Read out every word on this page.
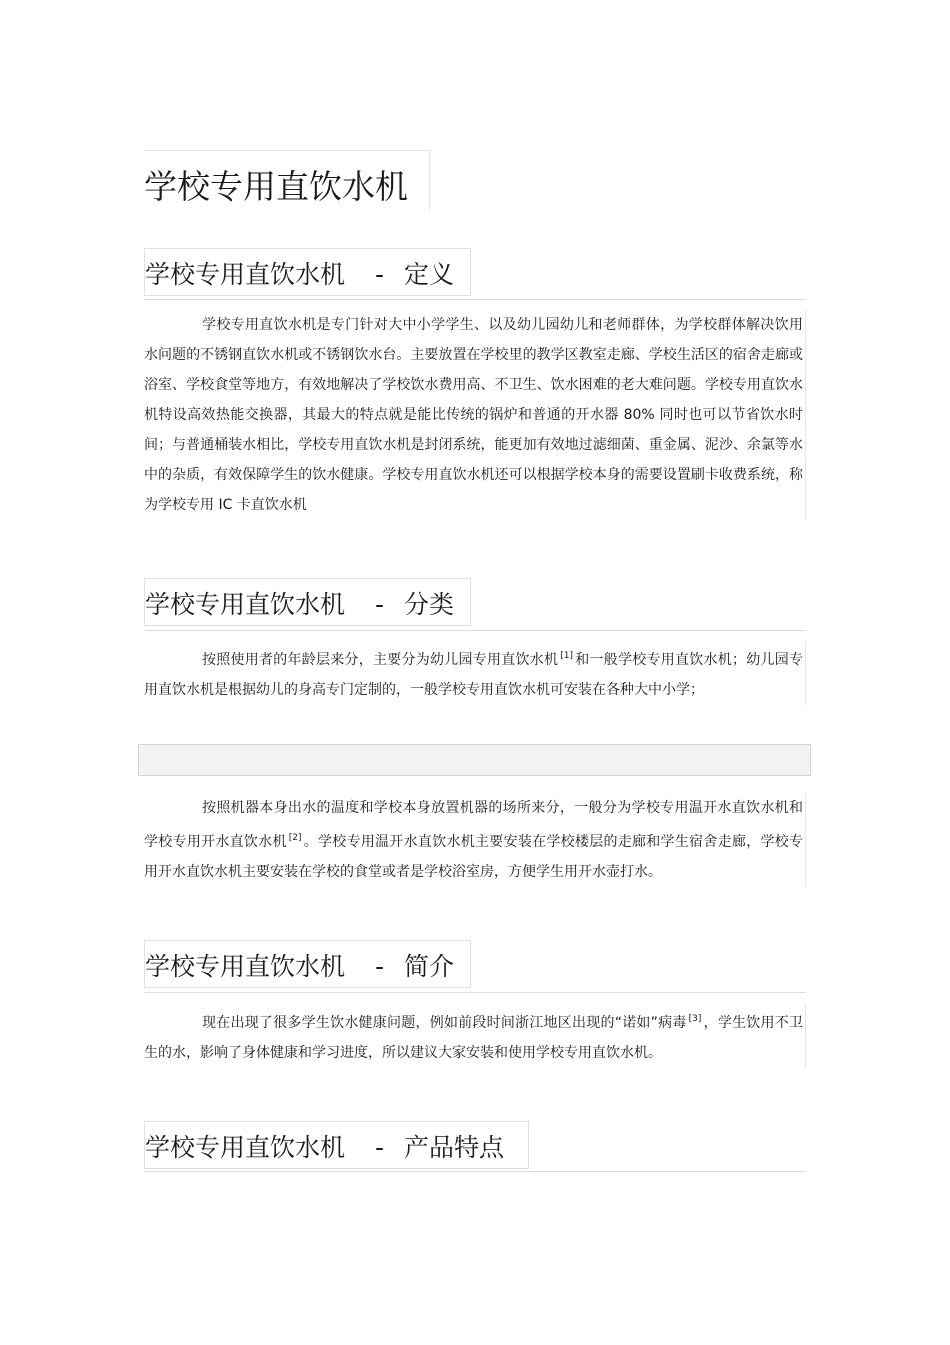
学校专用直饮水机
学校专用直饮水机 - 定义

学校专用直饮水机是专门针对大中小学学生、以及幼儿园幼儿和老师群体，为学校群体解决饮用水问题的不锈钢直饮水机或不锈钢饮水台。主要放置在学校里的教学区教室走廊、学校生活区的宿舍走廊或浴室、学校食堂等地方，有效地解决了学校饮水费用高、不卫生、饮水困难的老大难问题。学校专用直饮水机特设高效热能交换器，其最大的特点就是能比传统的锅炉和普通的开水器 80% 同时也可以节省饮水时间；与普通桶装水相比，学校专用直饮水机是封闭系统，能更加有效地过滤细菌、重金属、泥沙、余氯等水中的杂质，有效保障学生的饮水健康。学校专用直饮水机还可以根据学校本身的需要设置刷卡收费系统，称为学校专用 IC 卡直饮水机

学校专用直饮水机 - 分类

按照使用者的年龄层来分，主要分为幼儿园专用直饮水机 [1] 和一般学校专用直饮水机；幼儿园专用直饮水机是根据幼儿的身高专门定制的，一般学校专用直饮水机可安装在各种大中小学；

按照机器本身出水的温度和学校本身放置机器的场所来分，一般分为学校专用温开水直饮水机和学校专用开水直饮水机 [2] 。学校专用温开水直饮水机主要安装在学校楼层的走廊和学生宿舍走廊，学校专用开水直饮水机主要安装在学校的食堂或者是学校浴室房，方便学生用开水壶打水。

学校专用直饮水机 - 简介

现在出现了很多学生饮水健康问题，例如前段时间浙江地区出现的“诺如”病毒 [3] ，学生饮用不卫生的水，影响了身体健康和学习进度，所以建议大家安装和使用学校专用直饮水机。

学校专用直饮水机 - 产品特点
